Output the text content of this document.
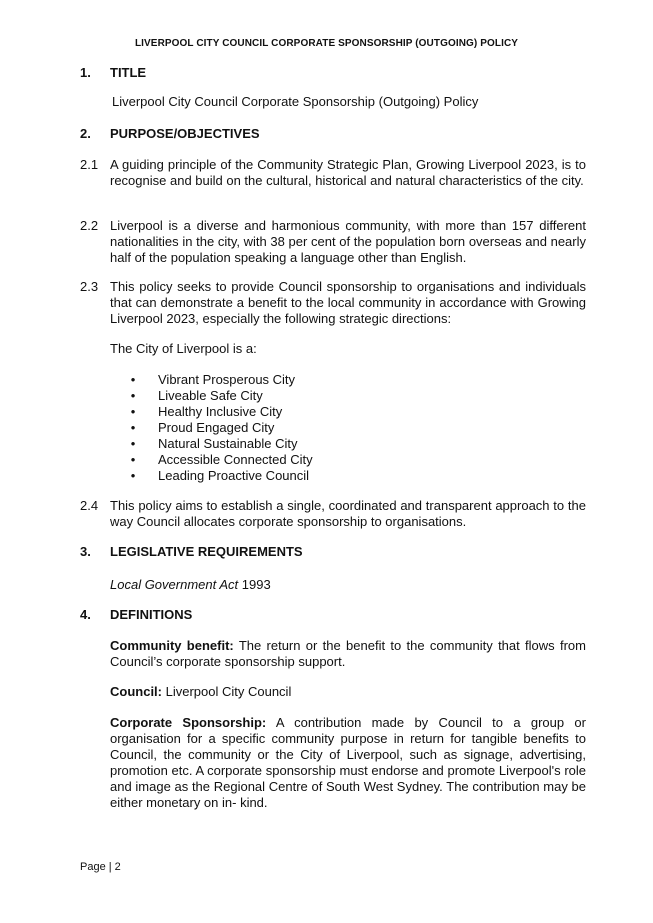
LIVERPOOL CITY COUNCIL CORPORATE SPONSORSHIP (OUTGOING) POLICY
1. TITLE
Liverpool City Council Corporate Sponsorship (Outgoing) Policy
2. PURPOSE/OBJECTIVES
2.1 A guiding principle of the Community Strategic Plan, Growing Liverpool 2023, is to recognise and build on the cultural, historical and natural characteristics of the city.
2.2 Liverpool is a diverse and harmonious community, with more than 157 different nationalities in the city, with 38 per cent of the population born overseas and nearly half of the population speaking a language other than English.
2.3 This policy seeks to provide Council sponsorship to organisations and individuals that can demonstrate a benefit to the local community in accordance with Growing Liverpool 2023, especially the following strategic directions:
The City of Liverpool is a:
• Vibrant Prosperous City
• Liveable Safe City
• Healthy Inclusive City
• Proud Engaged City
• Natural Sustainable City
• Accessible Connected City
• Leading Proactive Council
2.4 This policy aims to establish a single, coordinated and transparent approach to the way Council allocates corporate sponsorship to organisations.
3. LEGISLATIVE REQUIREMENTS
Local Government Act 1993
4. DEFINITIONS
Community benefit: The return or the benefit to the community that flows from Council’s corporate sponsorship support.
Council: Liverpool City Council
Corporate Sponsorship: A contribution made by Council to a group or organisation for a specific community purpose in return for tangible benefits to Council, the community or the City of Liverpool, such as signage, advertising, promotion etc. A corporate sponsorship must endorse and promote Liverpool's role and image as the Regional Centre of South West Sydney. The contribution may be either monetary on in- kind.
Page | 2
